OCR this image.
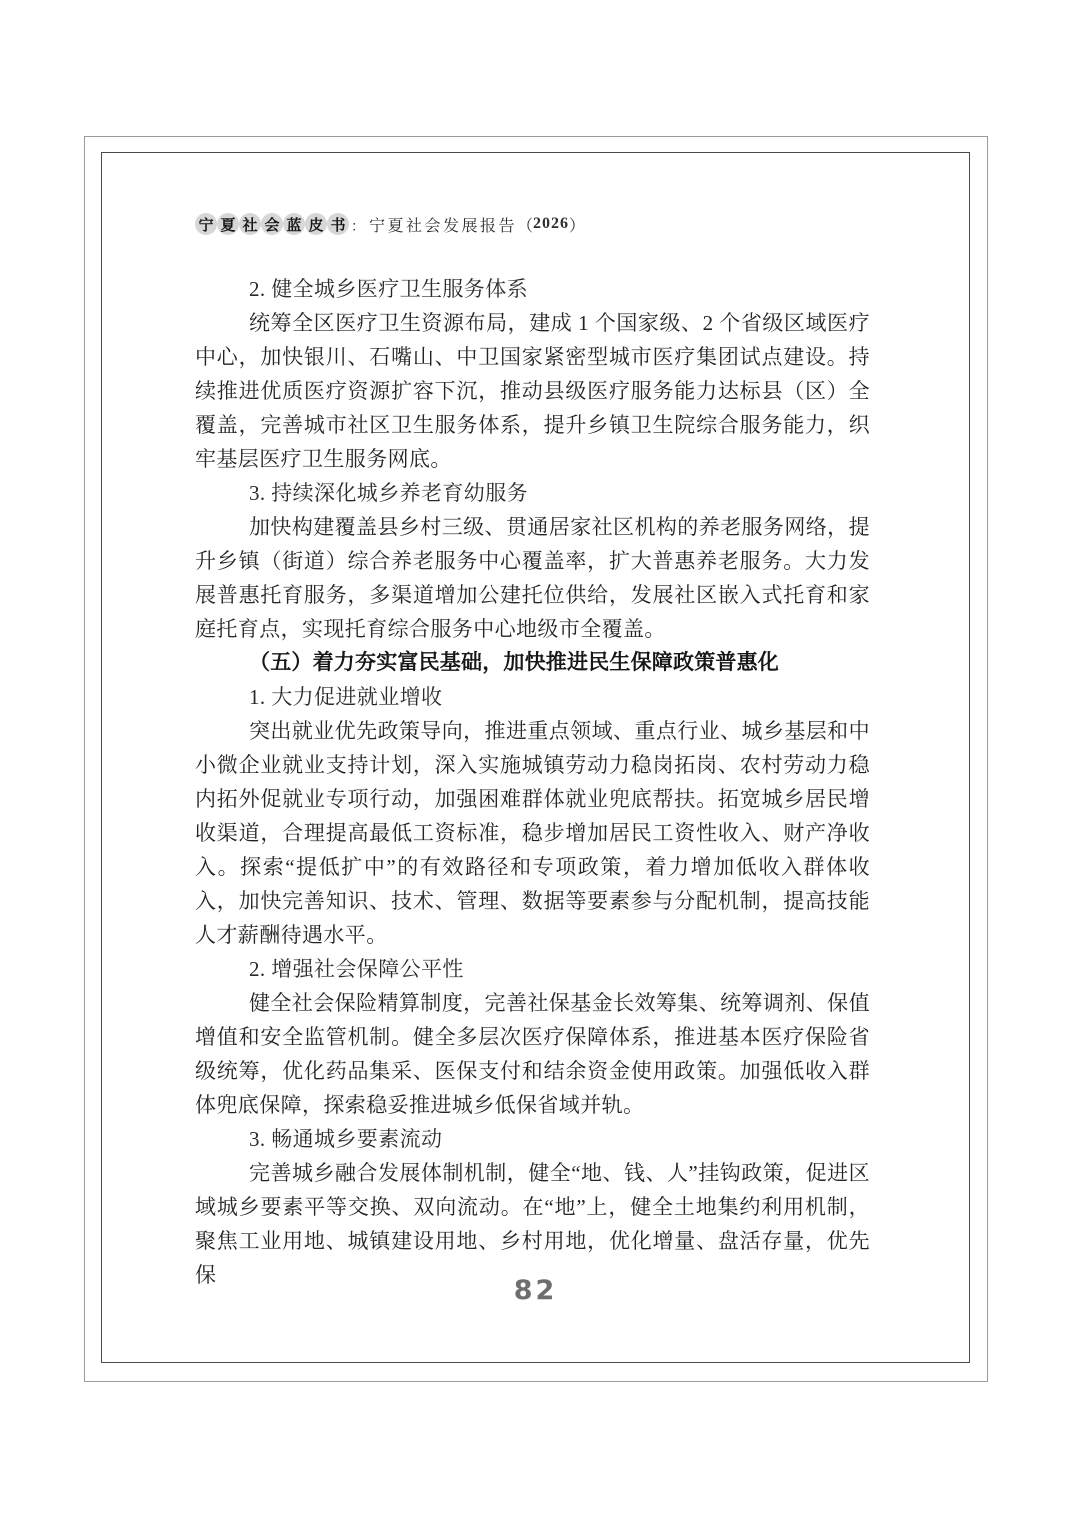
宁 夏 社 会 蓝 皮 书 ： 宁夏社会发展报告 （ 2026 ）
2. 健全城乡医疗卫生服务体系

统筹全区医疗卫生资源布局，建成 1 个国家级、2 个省级区域医疗中心，加快银川、石嘴山、中卫国家紧密型城市医疗集团试点建设。持续推进优质医疗资源扩容下沉，推动县级医疗服务能力达标县（区）全覆盖，完善城市社区卫生服务体系，提升乡镇卫生院综合服务能力，织牢基层医疗卫生服务网底。

3. 持续深化城乡养老育幼服务

加快构建覆盖县乡村三级、贯通居家社区机构的养老服务网络，提升乡镇（街道）综合养老服务中心覆盖率，扩大普惠养老服务。大力发展普惠托育服务，多渠道增加公建托位供给，发展社区嵌入式托育和家庭托育点，实现托育综合服务中心地级市全覆盖。

（五）着力夯实富民基础，加快推进民生保障政策普惠化
1. 大力促进就业增收

突出就业优先政策导向，推进重点领域、重点行业、城乡基层和中小微企业就业支持计划，深入实施城镇劳动力稳岗拓岗、农村劳动力稳内拓外促就业专项行动，加强困难群体就业兜底帮扶。拓宽城乡居民增收渠道，合理提高最低工资标准，稳步增加居民工资性收入、财产净收入。探索“提低扩中”的有效路径和专项政策，着力增加低收入群体收入，加快完善知识、技术、管理、数据等要素参与分配机制，提高技能人才薪酬待遇水平。

2. 增强社会保障公平性

健全社会保险精算制度，完善社保基金长效筹集、统筹调剂、保值增值和安全监管机制。健全多层次医疗保障体系，推进基本医疗保险省级统筹，优化药品集采、医保支付和结余资金使用政策。加强低收入群体兜底保障，探索稳妥推进城乡低保省域并轨。

3. 畅通城乡要素流动

完善城乡融合发展体制机制，健全“地、钱、人”挂钩政策，促进区域城乡要素平等交换、双向流动。在“地”上，健全土地集约利用机制，聚焦工业用地、城镇建设用地、乡村用地，优化增量、盘活存量，优先保	82
